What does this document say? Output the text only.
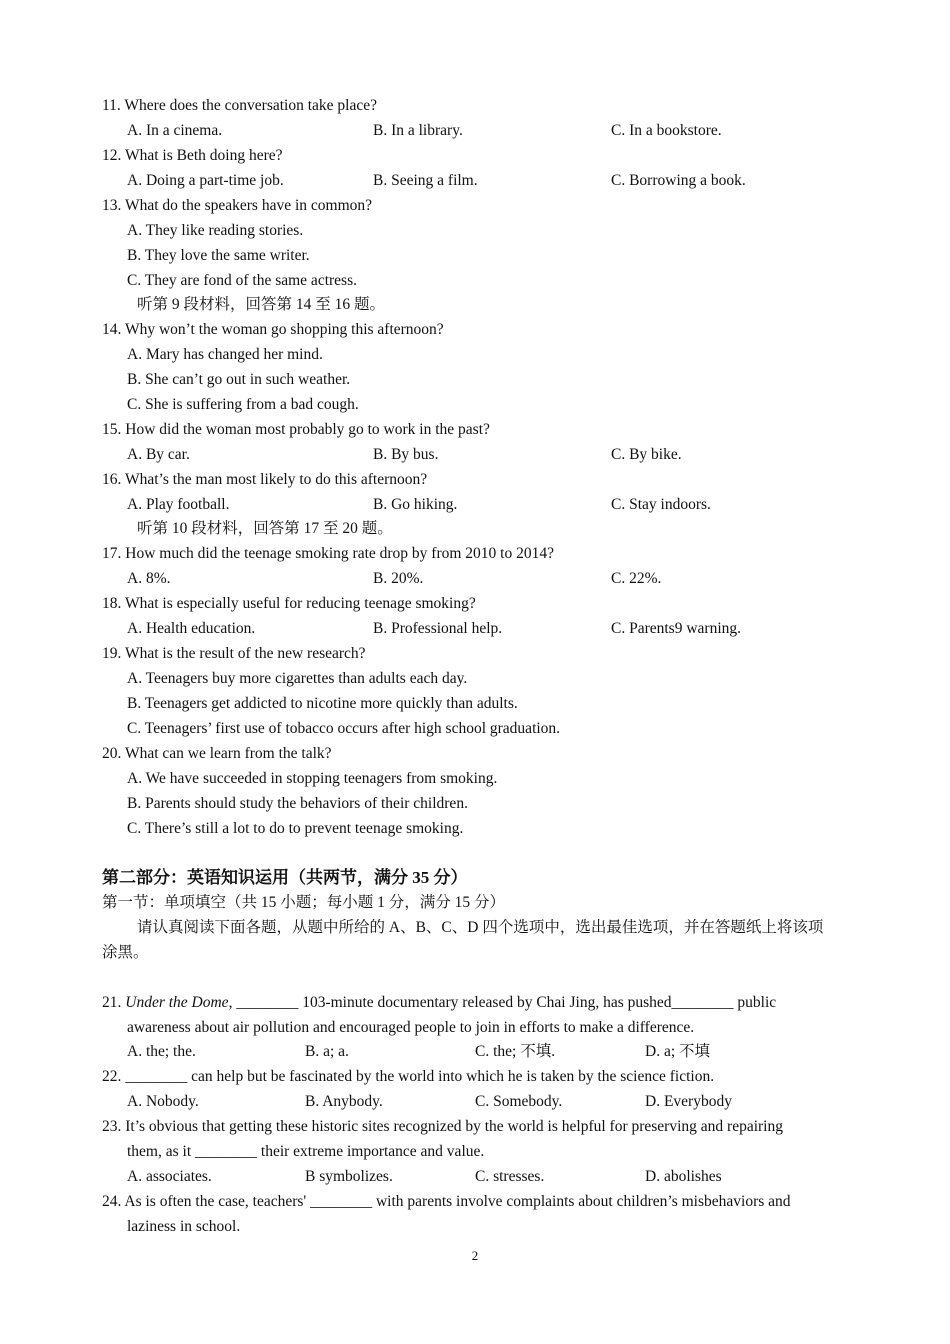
11. Where does the conversation take place?
A. In a cinema.	B. In a library.	C. In a bookstore.
12. What is Beth doing here?
A. Doing a part-time job.	B. Seeing a film.	C. Borrowing a book.
13. What do the speakers have in common?
A. They like reading stories.
B. They love the same writer.
C. They are fond of the same actress.
听第 9 段材料，回答第 14 至 16 题。
14. Why won’t the woman go shopping this afternoon?
A. Mary has changed her mind.
B. She can’t go out in such weather.
C. She is suffering from a bad cough.
15. How did the woman most probably go to work in the past?
A. By car.	B. By bus.	C. By bike.
16. What’s the man most likely to do this afternoon?
A. Play football.	B. Go hiking.	C. Stay indoors.
听第 10 段材料，回答第 17 至 20 题。
17. How much did the teenage smoking rate drop by from 2010 to 2014?
A. 8%.	B. 20%.	C. 22%.
18. What is especially useful for reducing teenage smoking?
A. Health education.	B. Professional help.	C. Parents9 warning.
19. What is the result of the new research?
A. Teenagers buy more cigarettes than adults each day.
B. Teenagers get addicted to nicotine more quickly than adults.
C. Teenagers’ first use of tobacco occurs after high school graduation.
20. What can we learn from the talk?
A. We have succeeded in stopping teenagers from smoking.
B. Parents should study the behaviors of their children.
C. There’s still a lot to do to prevent teenage smoking.
第二部分：英语知识运用（共两节，满分 35 分）
第一节：单项填空（共 15 小题；每小题 1 分，满分 15 分）
请认真阅读下面各题，从题中所给的 A、B、C、D 四个选项中，选出最佳选项，并在答题纸上将该项
涂黑。
21. Under the Dome, ________ 103-minute documentary released by Chai Jing, has pushed________ public
awareness about air pollution and encouraged people to join in efforts to make a difference.
A. the; the.	B. a; a.	C. the; 不填.	D. a; 不填
22. ________ can help but be fascinated by the world into which he is taken by the science fiction.
A. Nobody.	B. Anybody.	C. Somebody.	D. Everybody
23. It’s obvious that getting these historic sites recognized by the world is helpful for preserving and repairing
them, as it ________ their extreme importance and value.
A. associates.	B symbolizes.	C. stresses.	D. abolishes
24. As is often the case, teachers' ________ with parents involve complaints about children’s misbehaviors and
laziness in school.
2
